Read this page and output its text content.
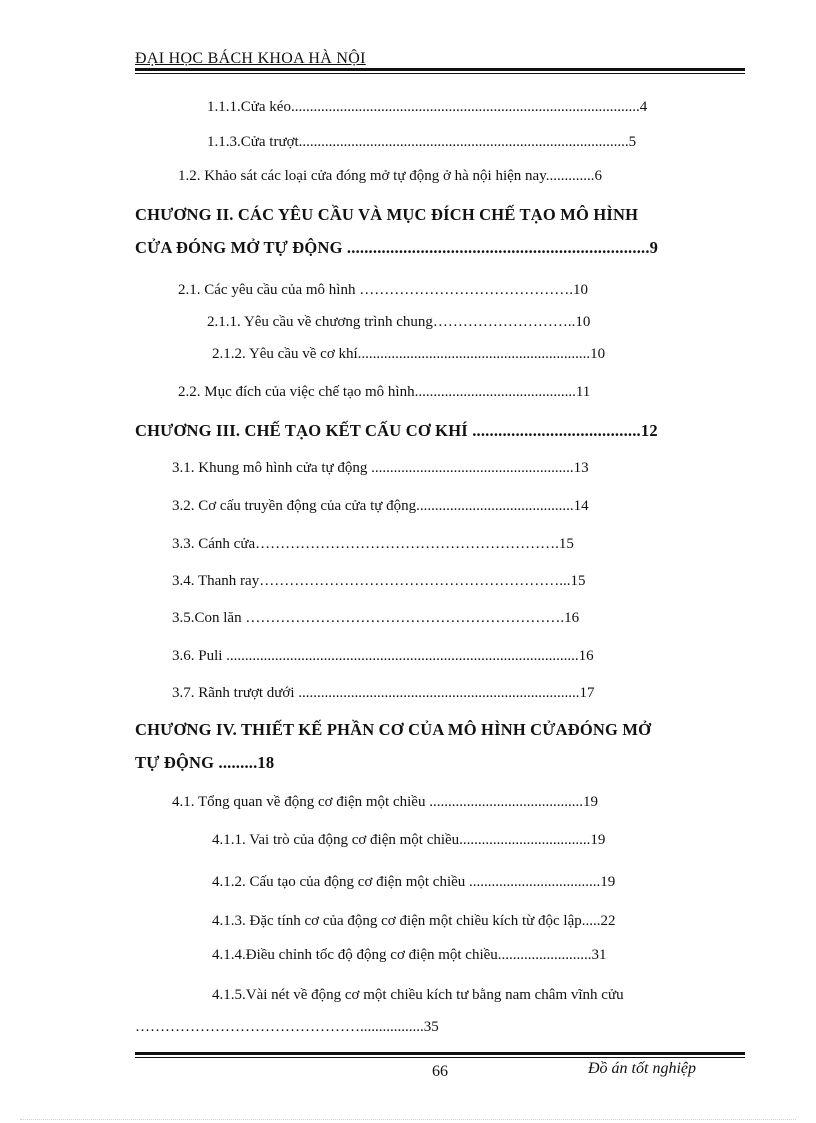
ĐẠI HỌC BÁCH KHOA HÀ NỘI
1.1.1.Cửa kéo.............................................................................................4
1.1.3.Cửa trượt........................................................................................5
1.2. Khảo sát các loại cửa đóng mở tự động ở hà nội hiện nay.............6
CHƯƠNG II. CÁC YÊU CẦU VÀ MỤC ĐÍCH CHẾ TẠO MÔ HÌNH
CỬA ĐÓNG MỞ TỰ ĐỘNG ......................................................................9
2.1. Các yêu cầu của mô hình …………………………………….10
2.1.1. Yêu cầu về chương trình chung………………………..10
2.1.2. Yêu cầu về cơ khí..............................................................10
2.2. Mục đích của việc chế tạo mô hình...........................................11
CHƯƠNG III. CHẾ TẠO KẾT CẤU CƠ KHÍ .......................................12
3.1. Khung mô hình cửa tự động ......................................................13
3.2. Cơ cấu truyền động của cửa tự động..........................................14
3.3. Cánh cửa…………………………………………………….15
3.4. Thanh ray……………………………………………………...15
3.5.Con lăn ……………………………………………………….16
3.6. Puli ..............................................................................................16
3.7. Rãnh trượt dưới ...........................................................................17
CHƯƠNG IV. THIẾT KẾ PHẦN CƠ CỦA MÔ HÌNH CỬAĐÓNG MỞ
TỰ ĐỘNG .........18
4.1. Tổng quan về động cơ điện một chiều .........................................19
4.1.1. Vai trò của động cơ điện một chiều...................................19
4.1.2. Cấu tạo của động cơ điện một chiều ...................................19
4.1.3. Đặc tính cơ của động cơ điện một chiều kích từ độc lập.....22
4.1.4.Điều chỉnh tốc độ động cơ điện một chiều.........................31
4.1.5.Vài nét về động cơ một chiều kích tư bằng nam châm vĩnh cửu
……………………………………….................35
66	Đồ án tốt nghiệp
